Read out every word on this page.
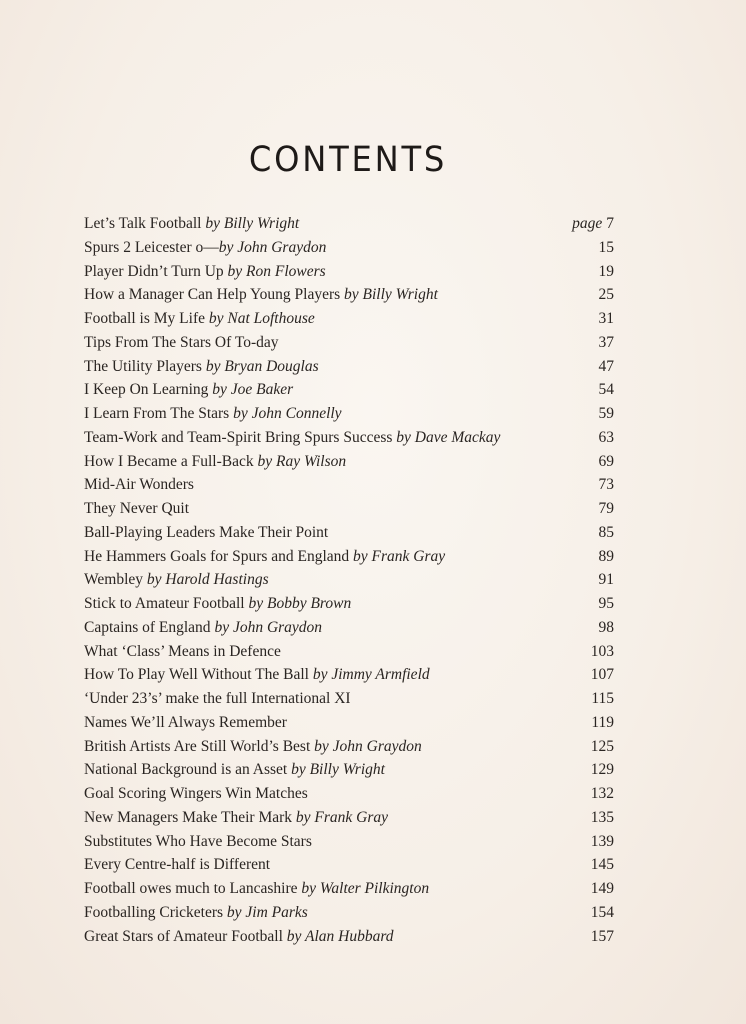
CONTENTS
Let’s Talk Football by Billy Wright	page 7
Spurs 2 Leicester o—by John Graydon	15
Player Didn’t Turn Up by Ron Flowers	19
How a Manager Can Help Young Players by Billy Wright	25
Football is My Life by Nat Lofthouse	31
Tips From The Stars Of To-day	37
The Utility Players by Bryan Douglas	47
I Keep On Learning by Joe Baker	54
I Learn From The Stars by John Connelly	59
Team-Work and Team-Spirit Bring Spurs Success by Dave Mackay	63
How I Became a Full-Back by Ray Wilson	69
Mid-Air Wonders	73
They Never Quit	79
Ball-Playing Leaders Make Their Point	85
He Hammers Goals for Spurs and England by Frank Gray	89
Wembley by Harold Hastings	91
Stick to Amateur Football by Bobby Brown	95
Captains of England by John Graydon	98
What ‘Class’ Means in Defence	103
How To Play Well Without The Ball by Jimmy Armfield	107
‘Under 23’s’ make the full International XI	115
Names We’ll Always Remember	119
British Artists Are Still World’s Best by John Graydon	125
National Background is an Asset by Billy Wright	129
Goal Scoring Wingers Win Matches	132
New Managers Make Their Mark by Frank Gray	135
Substitutes Who Have Become Stars	139
Every Centre-half is Different	145
Football owes much to Lancashire by Walter Pilkington	149
Footballing Cricketers by Jim Parks	154
Great Stars of Amateur Football by Alan Hubbard	157
